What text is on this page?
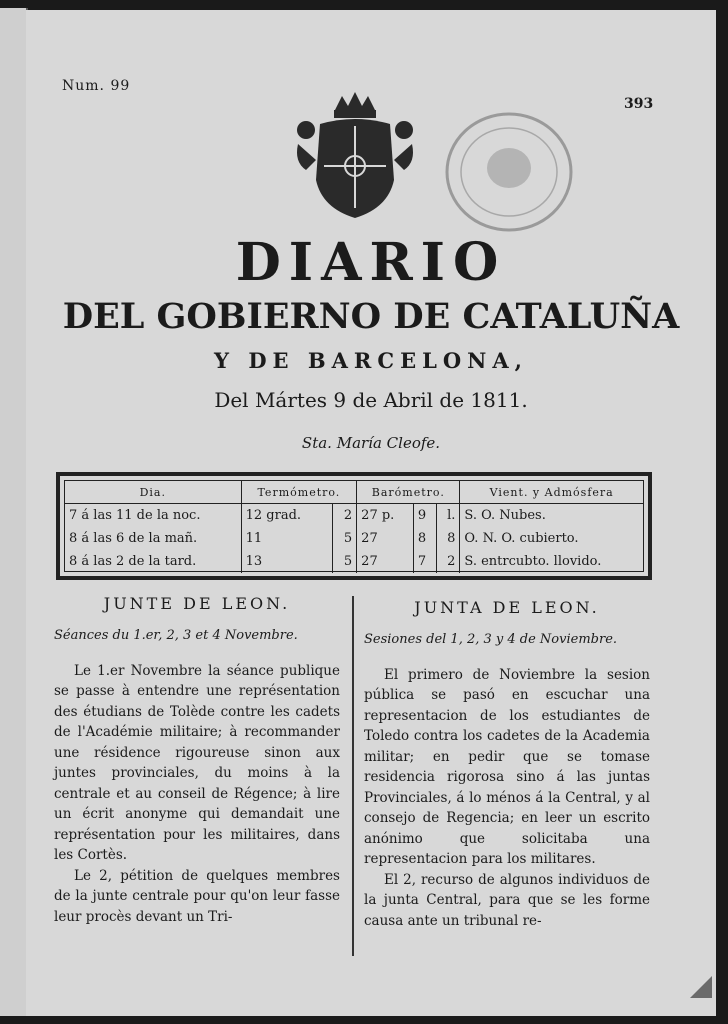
Num. 99
393
DIARIO
DEL GOBIERNO DE CATALUÑA
Y DE BARCELONA,
Del Mártes 9 de Abril de 1811.
Sta. María Cleofe.
Dia.	Termómetro.		Barómetro.			Vient. y Admósfera
7 á las 11 de la noc.	12 grad.	2	27 p.	9	l.	S. O. Nubes.
8 á las 6 de la mañ.	11	5	27	8	8	O. N. O. cubierto.
8 á las 2 de la tard.	13	5	27	7	2	S. entrcubto. llovido.

JUNTE DE LEON.

Séances du 1.er, 2, 3 et 4 Novembre.

Le 1.er Novembre la séance publique se passe à entendre une représentation des étudians de Tolède contre les cadets de l'Académie militaire; à recommander une résidence rigoureuse sinon aux juntes provinciales, du moins à la centrale et au conseil de Régence; à lire un écrit anonyme qui demandait une représentation pour les militaires, dans les Cortès.

Le 2, pétition de quelques membres de la junte centrale pour qu'on leur fasse leur procès devant un Tri-

JUNTA DE LEON.

Sesiones del 1, 2, 3 y 4 de Noviembre.

El primero de Noviembre la sesion pública se pasó en escuchar una representacion de los estudiantes de Toledo contra los cadetes de la Academia militar; en pedir que se tomase residencia rigorosa sino á las juntas Provinciales, á lo ménos á la Central, y al consejo de Regencia; en leer un escrito anónimo que solicitaba una representacion para los militares.

El 2, recurso de algunos individuos de la junta Central, para que se les forme causa ante un tribunal re-
